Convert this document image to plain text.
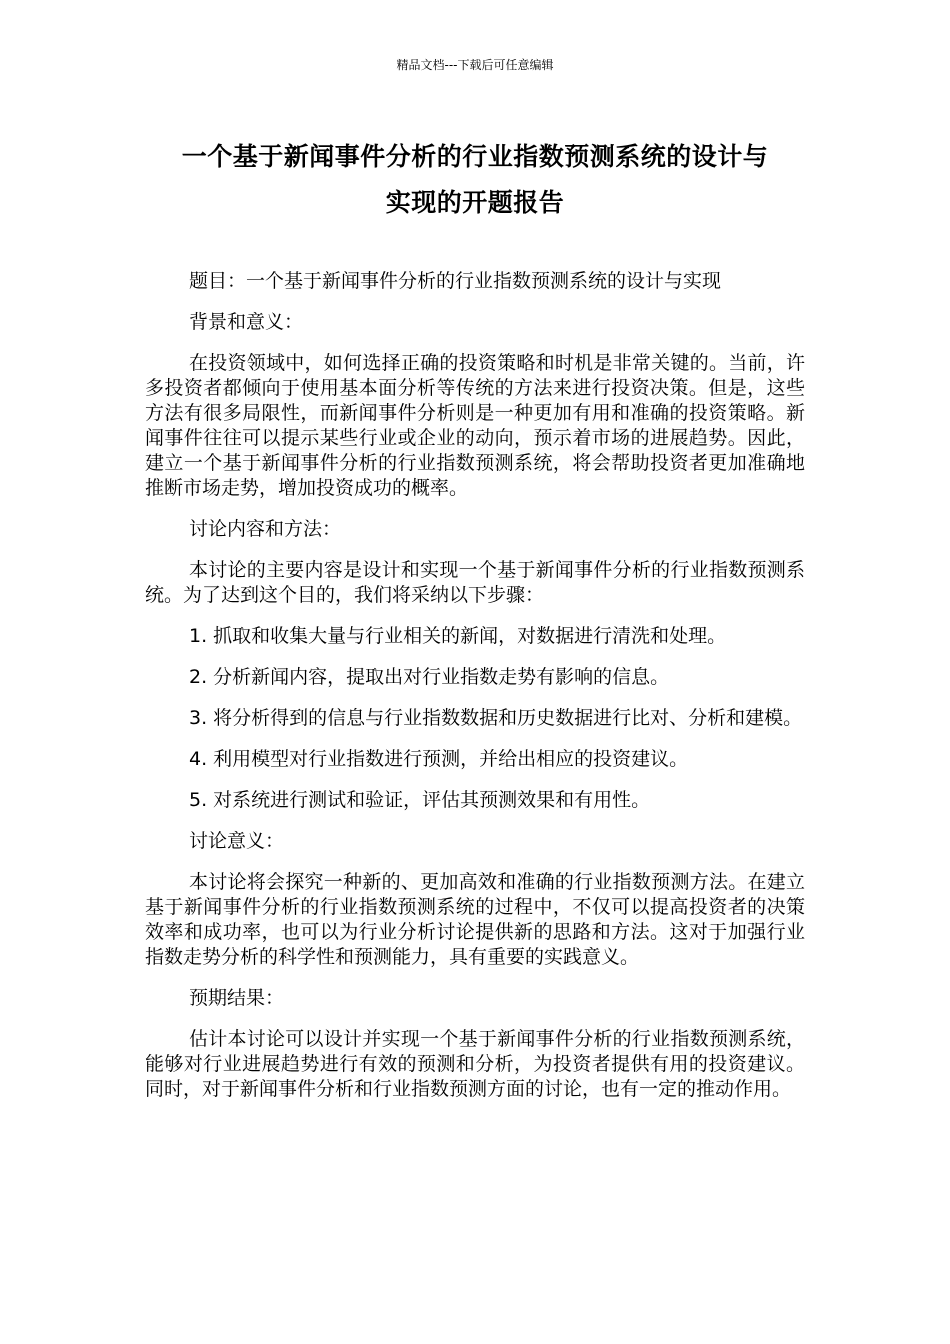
精品文档---下载后可任意编辑
一个基于新闻事件分析的行业指数预测系统的设计与
实现的开题报告

题目：一个基于新闻事件分析的行业指数预测系统的设计与实现

背景和意义：

在投资领域中，如何选择正确的投资策略和时机是非常关键的。当前，许多投资者都倾向于使用基本面分析等传统的方法来进行投资决策。但是，这些方法有很多局限性，而新闻事件分析则是一种更加有用和准确的投资策略。新闻事件往往可以提示某些行业或企业的动向，预示着市场的进展趋势。因此，建立一个基于新闻事件分析的行业指数预测系统，将会帮助投资者更加准确地推断市场走势，增加投资成功的概率。

讨论内容和方法：

本讨论的主要内容是设计和实现一个基于新闻事件分析的行业指数预测系统。为了达到这个目的，我们将采纳以下步骤：

1. 抓取和收集大量与行业相关的新闻，对数据进行清洗和处理。

2. 分析新闻内容，提取出对行业指数走势有影响的信息。

3. 将分析得到的信息与行业指数数据和历史数据进行比对、分析和建模。

4. 利用模型对行业指数进行预测，并给出相应的投资建议。

5. 对系统进行测试和验证，评估其预测效果和有用性。

讨论意义：

本讨论将会探究一种新的、更加高效和准确的行业指数预测方法。在建立基于新闻事件分析的行业指数预测系统的过程中，不仅可以提高投资者的决策效率和成功率，也可以为行业分析讨论提供新的思路和方法。这对于加强行业指数走势分析的科学性和预测能力，具有重要的实践意义。

预期结果：

估计本讨论可以设计并实现一个基于新闻事件分析的行业指数预测系统，能够对行业进展趋势进行有效的预测和分析，为投资者提供有用的投资建议。同时，对于新闻事件分析和行业指数预测方面的讨论，也有一定的推动作用。
